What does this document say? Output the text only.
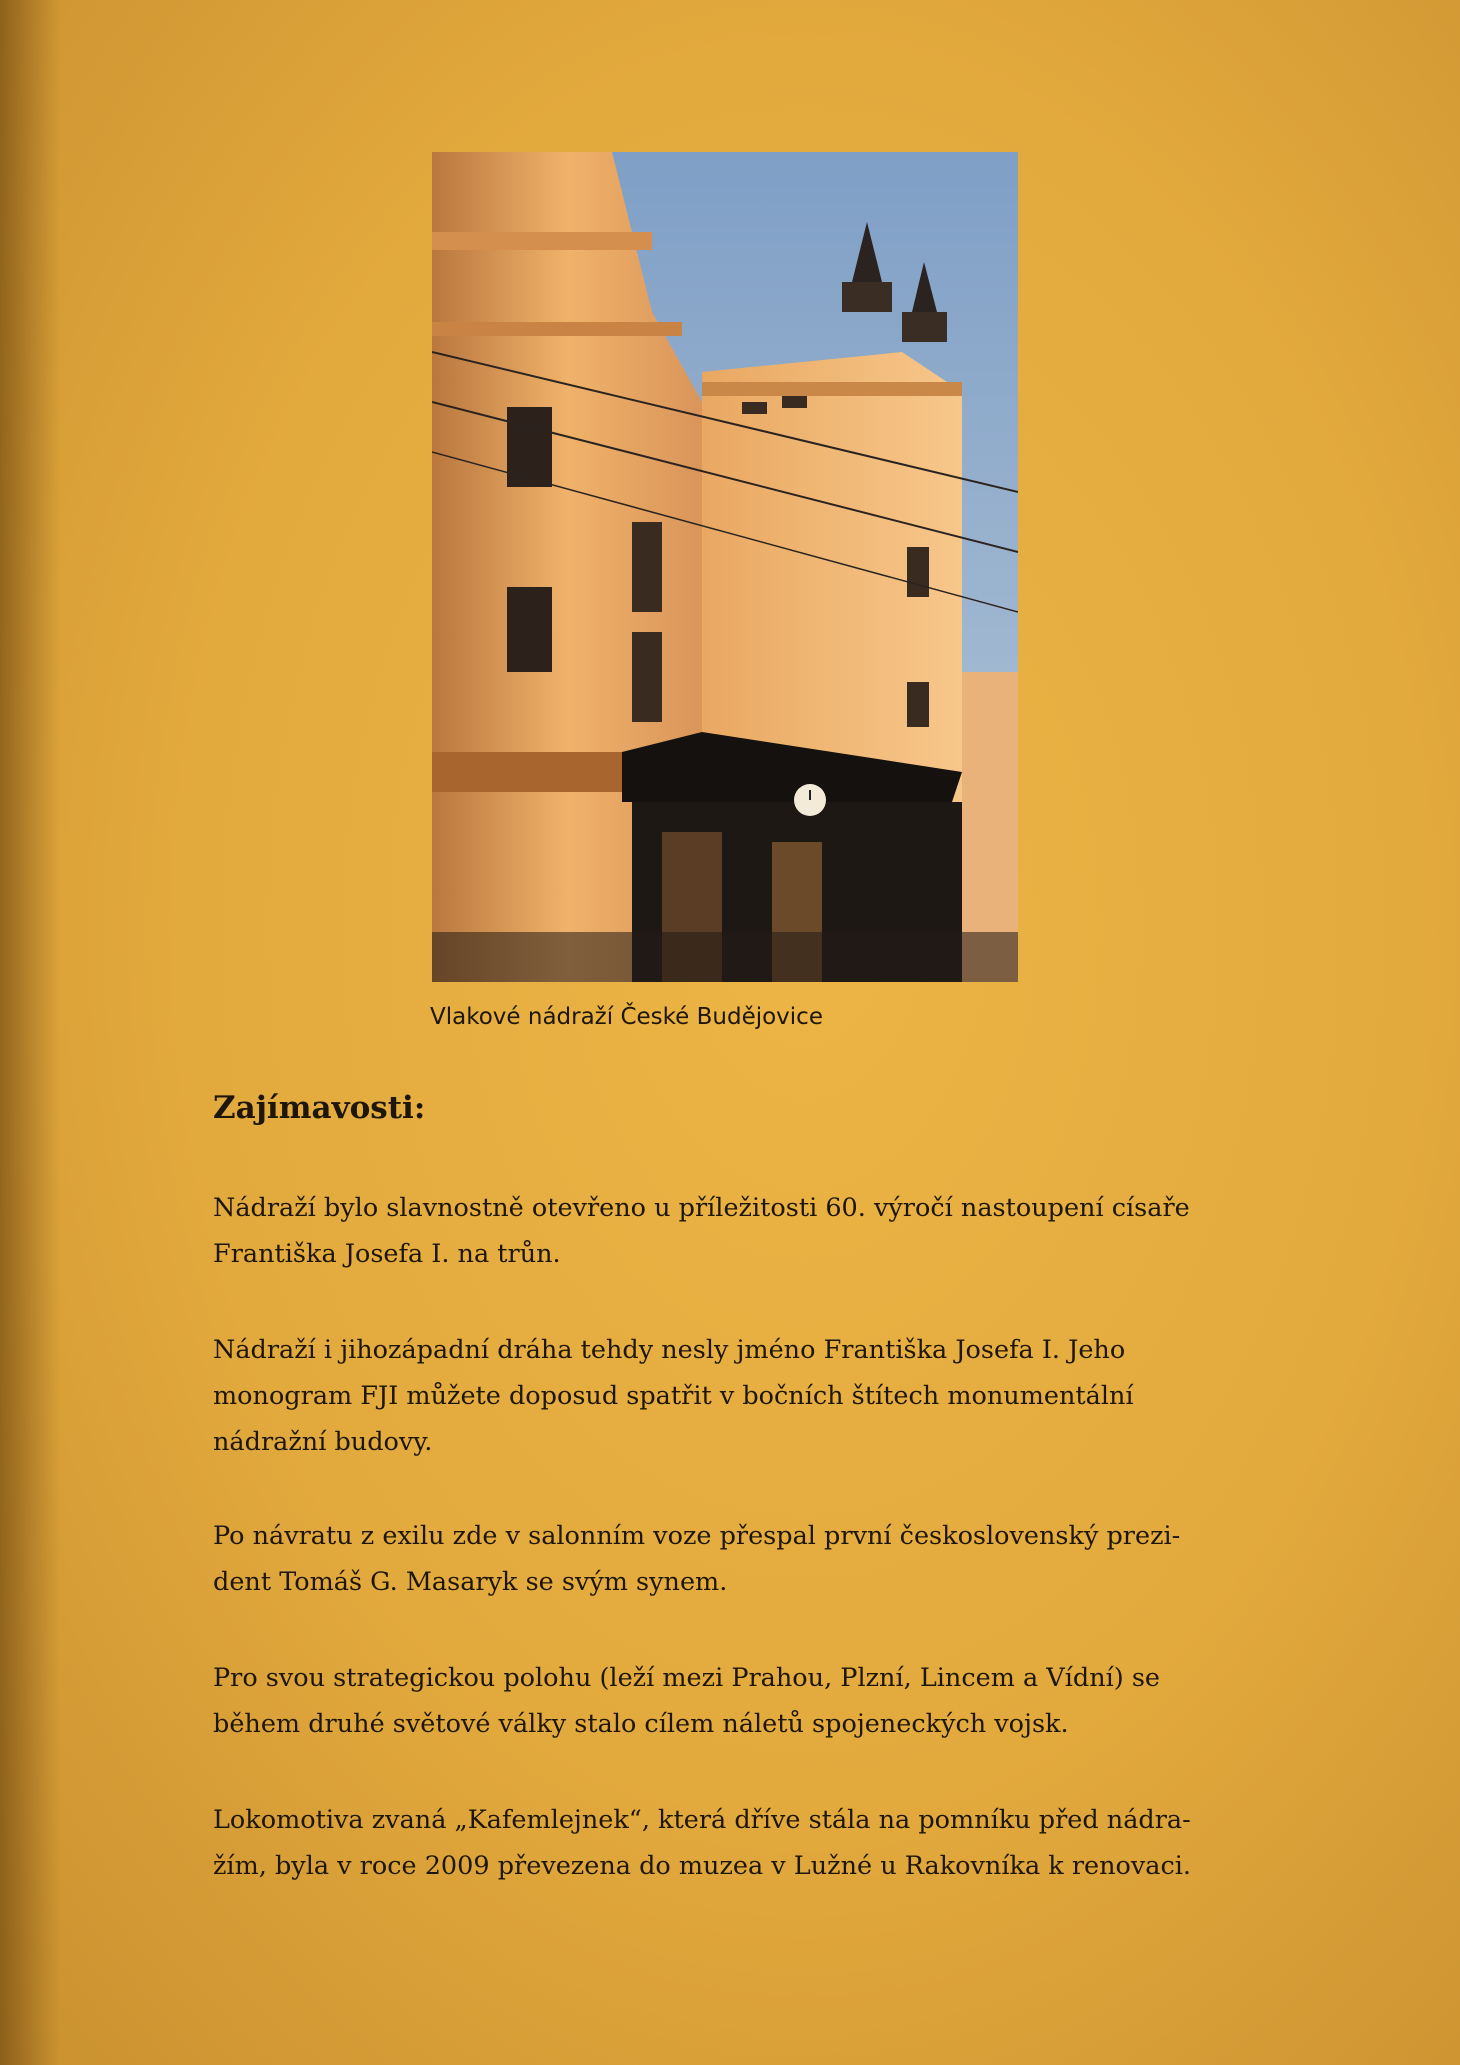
Vlakové nádraží České Budějovice
Zajímavosti:

Nádraží bylo slavnostně otevřeno u příležitosti 60. výročí nastoupení císaře
Františka Josefa I. na trůn.

Nádraží i jihozápadní dráha tehdy nesly jméno Františka Josefa I. Jeho
monogram FJI můžete doposud spatřit v bočních štítech monumentální
nádražní budovy.

Po návratu z exilu zde v salonním voze přespal první československý prezi-
dent Tomáš G. Masaryk se svým synem.

Pro svou strategickou polohu (leží mezi Prahou, Plzní, Lincem a Vídní) se
během druhé světové války stalo cílem náletů spojeneckých vojsk.

Lokomotiva zvaná „Kafemlejnek“, která dříve stála na pomníku před nádra-
žím, byla v roce 2009 převezena do muzea v Lužné u Rakovníka k renovaci.
